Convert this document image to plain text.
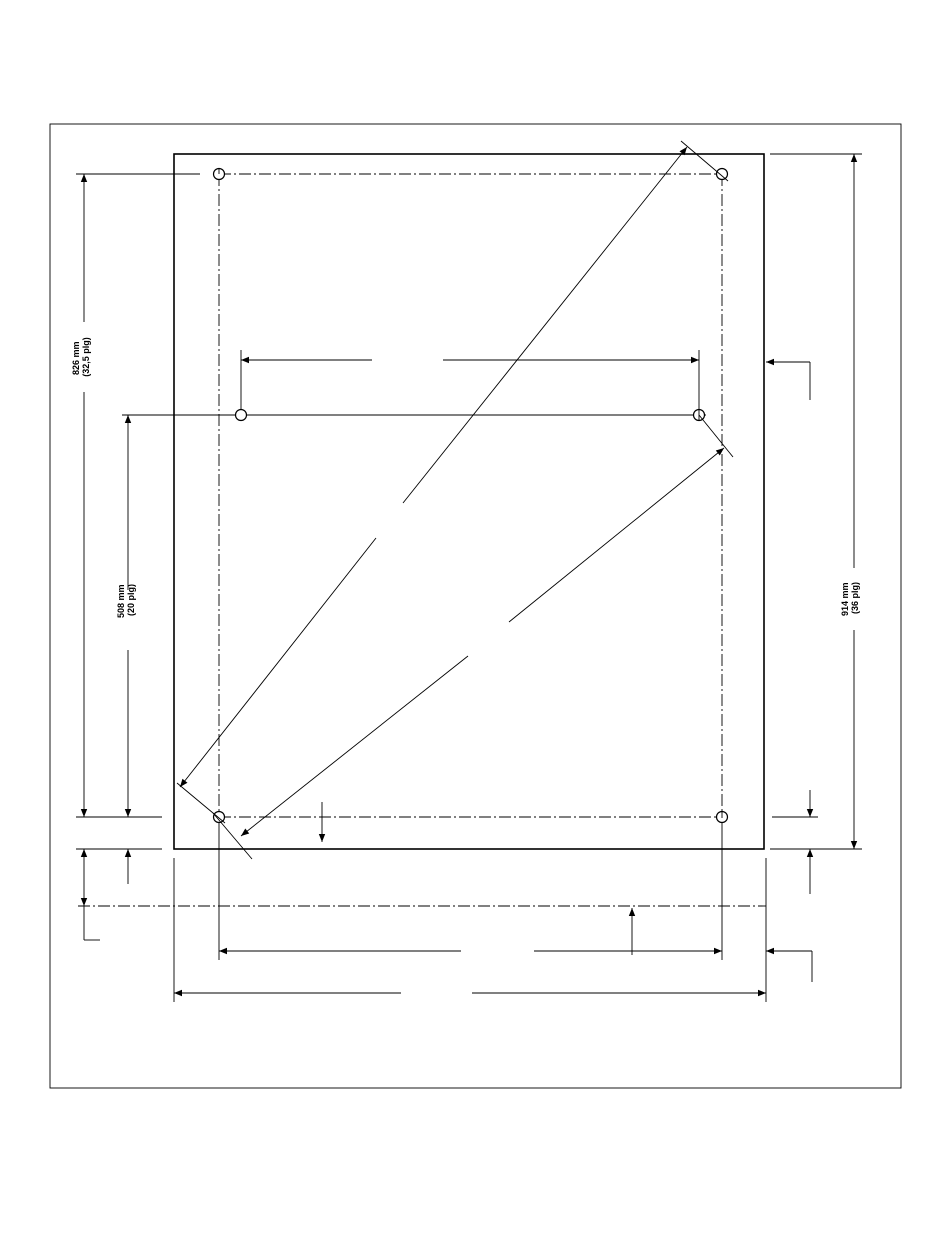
826 mm (32,5 plg)
508 mm (20 plg)	914 mm (36 plg)
